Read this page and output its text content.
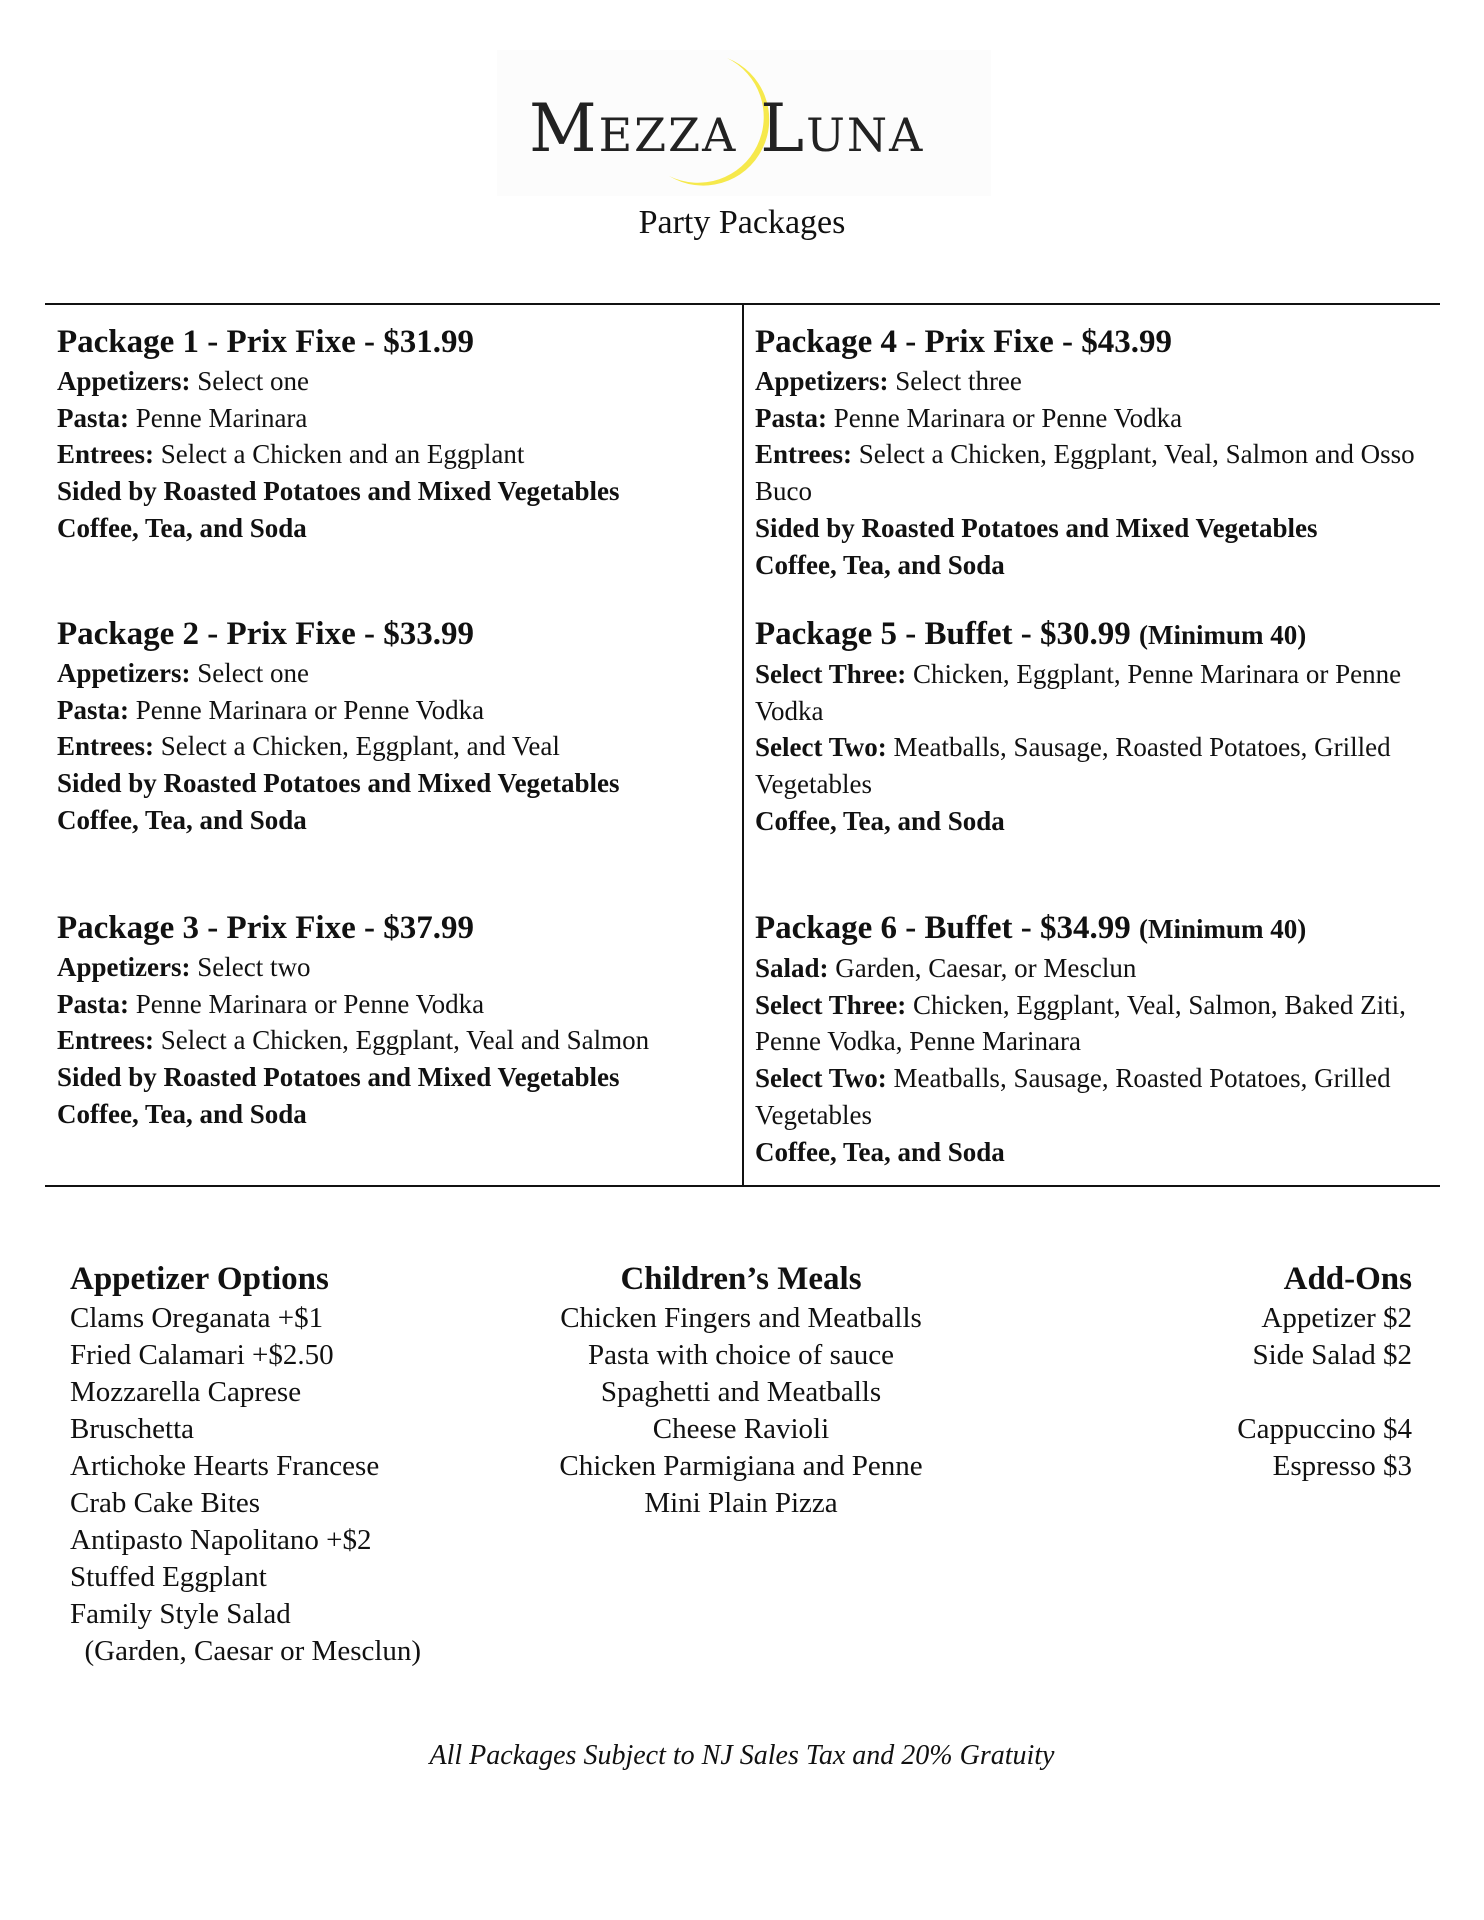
Mezza Luna
Party Packages
Package 1 - Prix Fixe - $31.99
Appetizers: Select one
Pasta: Penne Marinara
Entrees: Select a Chicken and an Eggplant
Sided by Roasted Potatoes and Mixed Vegetables
Coffee, Tea, and Soda
Package 2 - Prix Fixe - $33.99
Appetizers: Select one
Pasta: Penne Marinara or Penne Vodka
Entrees: Select a Chicken, Eggplant, and Veal
Sided by Roasted Potatoes and Mixed Vegetables
Coffee, Tea, and Soda
Package 3 - Prix Fixe - $37.99
Appetizers: Select two
Pasta: Penne Marinara or Penne Vodka
Entrees: Select a Chicken, Eggplant, Veal and Salmon
Sided by Roasted Potatoes and Mixed Vegetables
Coffee, Tea, and Soda
Package 4 - Prix Fixe - $43.99
Appetizers: Select three
Pasta: Penne Marinara or Penne Vodka
Entrees: Select a Chicken, Eggplant, Veal, Salmon and Osso Buco
Sided by Roasted Potatoes and Mixed Vegetables
Coffee, Tea, and Soda
Package 5 - Buffet - $30.99 (Minimum 40)
Select Three: Chicken, Eggplant, Penne Marinara or Penne Vodka
Select Two: Meatballs, Sausage, Roasted Potatoes, Grilled Vegetables
Coffee, Tea, and Soda
Package 6 - Buffet - $34.99 (Minimum 40)
Salad: Garden, Caesar, or Mesclun
Select Three: Chicken, Eggplant, Veal, Salmon, Baked Ziti, Penne Vodka, Penne Marinara
Select Two: Meatballs, Sausage, Roasted Potatoes, Grilled Vegetables
Coffee, Tea, and Soda
Appetizer Options
Clams Oreganata +$1
Fried Calamari +$2.50
Mozzarella Caprese
Bruschetta
Artichoke Hearts Francese
Crab Cake Bites
Antipasto Napolitano +$2
Stuffed Eggplant
Family Style Salad
(Garden, Caesar or Mesclun)
Children’s Meals
Chicken Fingers and Meatballs
Pasta with choice of sauce
Spaghetti and Meatballs
Cheese Ravioli
Chicken Parmigiana and Penne
Mini Plain Pizza
Add-Ons
Appetizer $2
Side Salad $2
Cappuccino $4
Espresso $3
All Packages Subject to NJ Sales Tax and 20% Gratuity
